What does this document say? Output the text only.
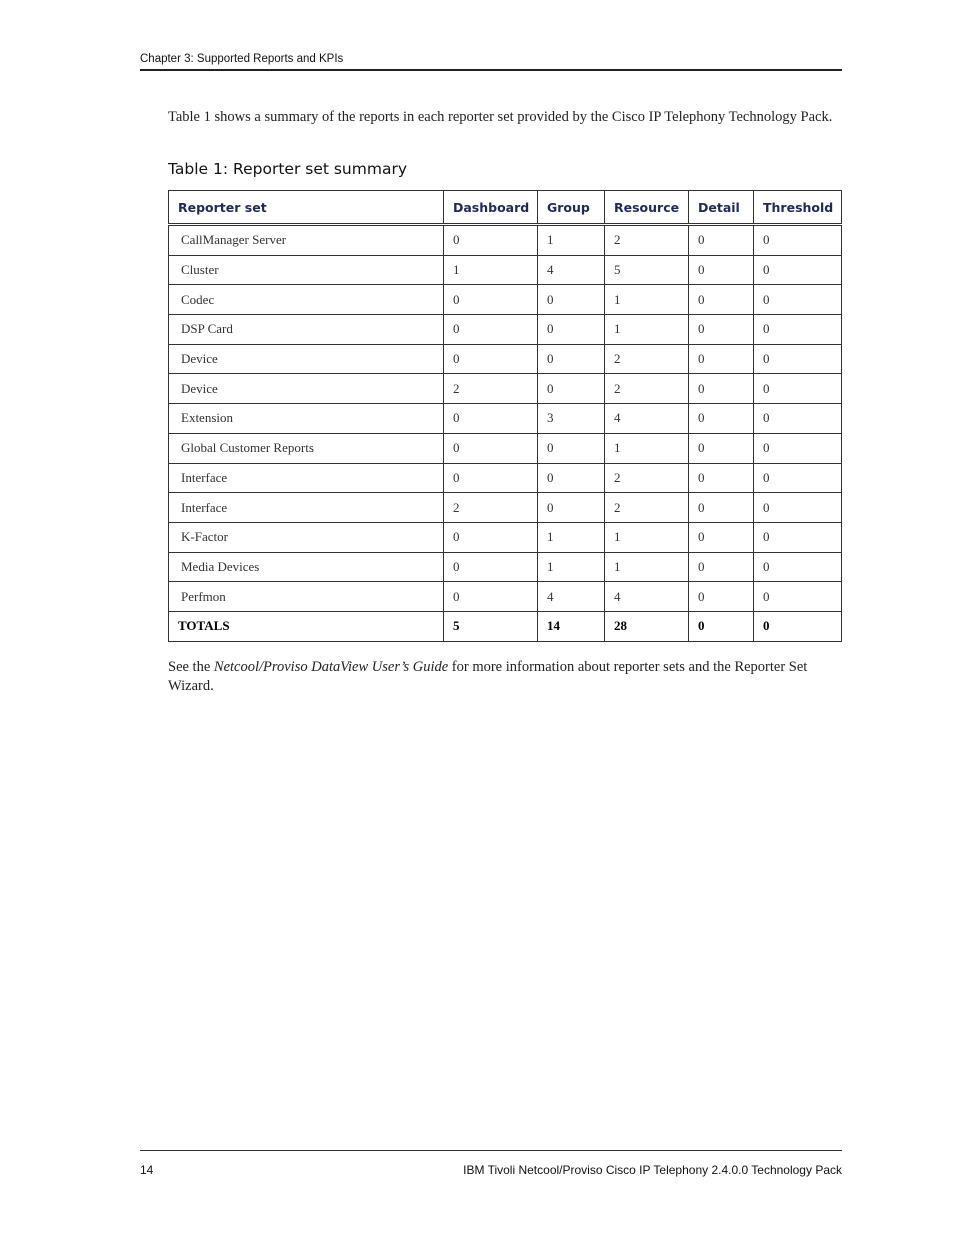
Chapter 3: Supported Reports and KPIs

Table 1 shows a summary of the reports in each reporter set provided by the Cisco IP Telephony Technology Pack.

Table 1: Reporter set summary
Reporter set	Dashboard	Group	Resource	Detail	Threshold
CallManager Server	0	1	2	0	0
Cluster	1	4	5	0	0
Codec	0	0	1	0	0
DSP Card	0	0	1	0	0
Device	0	0	2	0	0
Device	2	0	2	0	0
Extension	0	3	4	0	0
Global Customer Reports	0	0	1	0	0
Interface	0	0	2	0	0
Interface	2	0	2	0	0
K-Factor	0	1	1	0	0
Media Devices	0	1	1	0	0
Perfmon	0	4	4	0	0
TOTALS	5	14	28	0	0

See the Netcool/Proviso DataView User’s Guide for more information about reporter sets and the Reporter Set Wizard.

14	IBM Tivoli Netcool/Proviso Cisco IP Telephony 2.4.0.0 Technology Pack
